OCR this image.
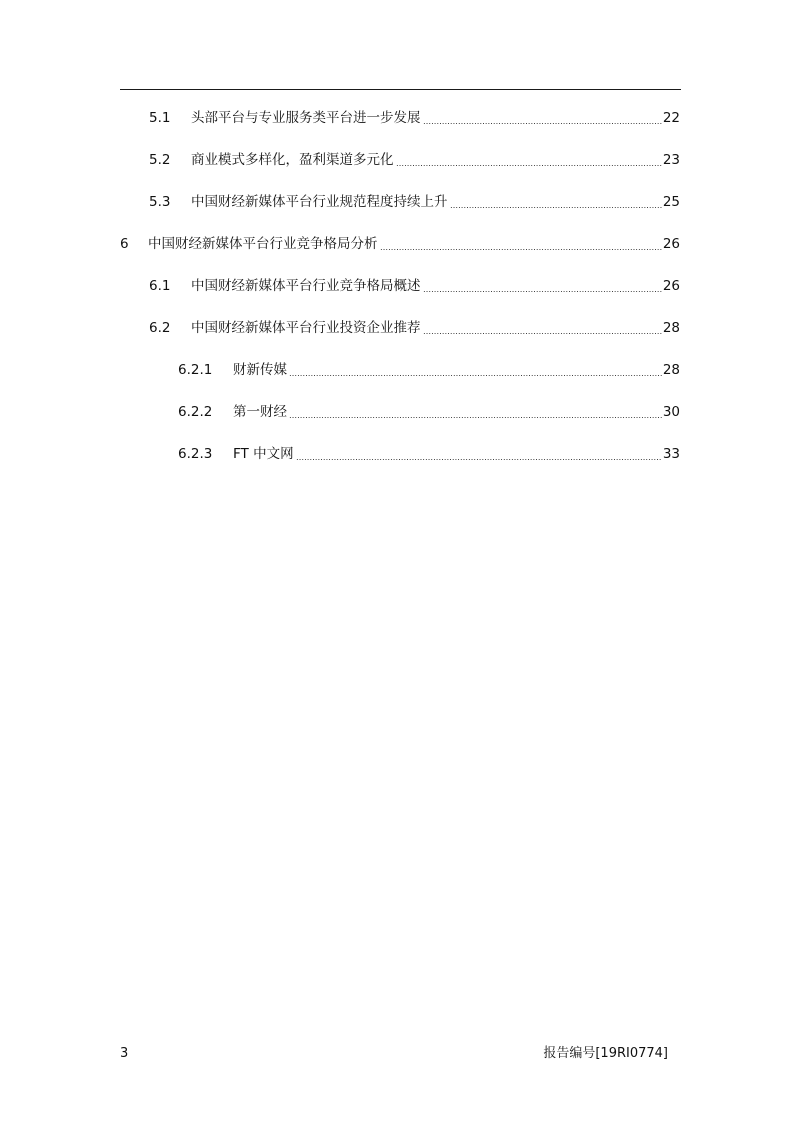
5.1	头部平台与专业服务类平台进一步发展	22
5.2	商业模式多样化，盈利渠道多元化	23
5.3	中国财经新媒体平台行业规范程度持续上升	25
6	中国财经新媒体平台行业竞争格局分析	26
6.1	中国财经新媒体平台行业竞争格局概述	26
6.2	中国财经新媒体平台行业投资企业推荐	28
6.2.1	财新传媒	28
6.2.2	第一财经	30
6.2.3	FT 中文网	33
3	报告编号[19RI0774]
